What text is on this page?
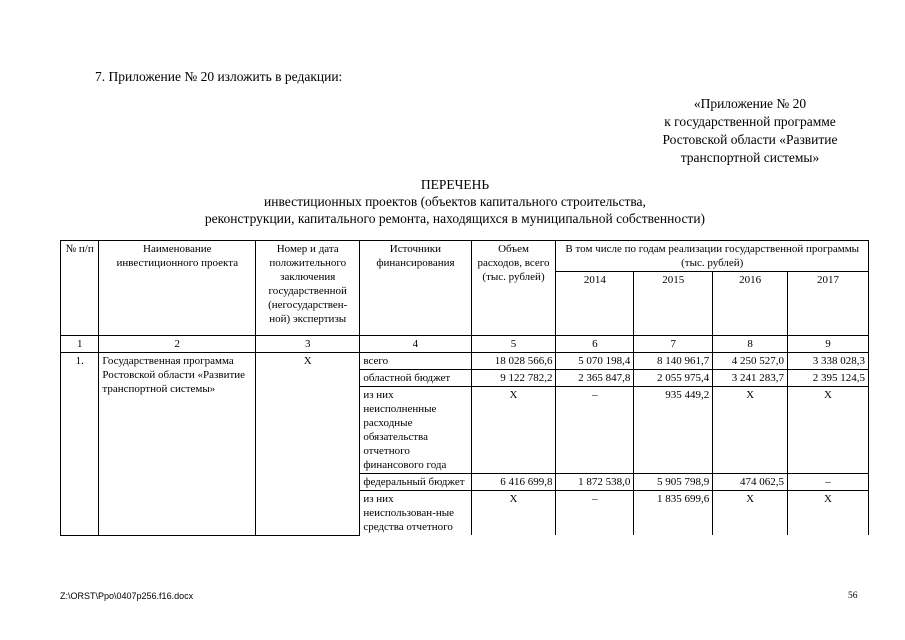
7. Приложение № 20 изложить в редакции:
«Приложение № 20
к государственной программе
Ростовской области «Развитие
транспортной системы»
ПЕРЕЧЕНЬ
инвестиционных проектов (объектов капитального строительства,
реконструкции, капитального ремонта, находящихся в муниципальной собственности)
№ п/п	Наименование инвестиционного проекта	Номер и дата положительного заключения государственной (негосударствен-ной) экспертизы	Источники финансирования	Объем расходов, всего (тыс. рублей)	В том числе по годам реализации государственной программы (тыс. рублей)			
					2014	2015	2016	2017
1	2	3	4	5	6	7	8	9
1.	Государственная программа Ростовской области «Развитие транспортной системы»	Х	всего	18 028 566,6	5 070 198,4	8 140 961,7	4 250 527,0	3 338 028,3
			областной бюджет	9 122 782,2	2 365 847,8	2 055 975,4	3 241 283,7	2 395 124,5
			из них неисполненные расходные обязательства отчетного финансового года	Х	–	935 449,2	Х	Х
			федеральный бюджет	6 416 699,8	1 872 538,0	5 905 798,9	474 062,5	–
			из них неиспользован-ные средства отчетного	Х	–	1 835 699,6	Х	Х
Z:\ORST\Ppo\0407p256.f16.docx	56
